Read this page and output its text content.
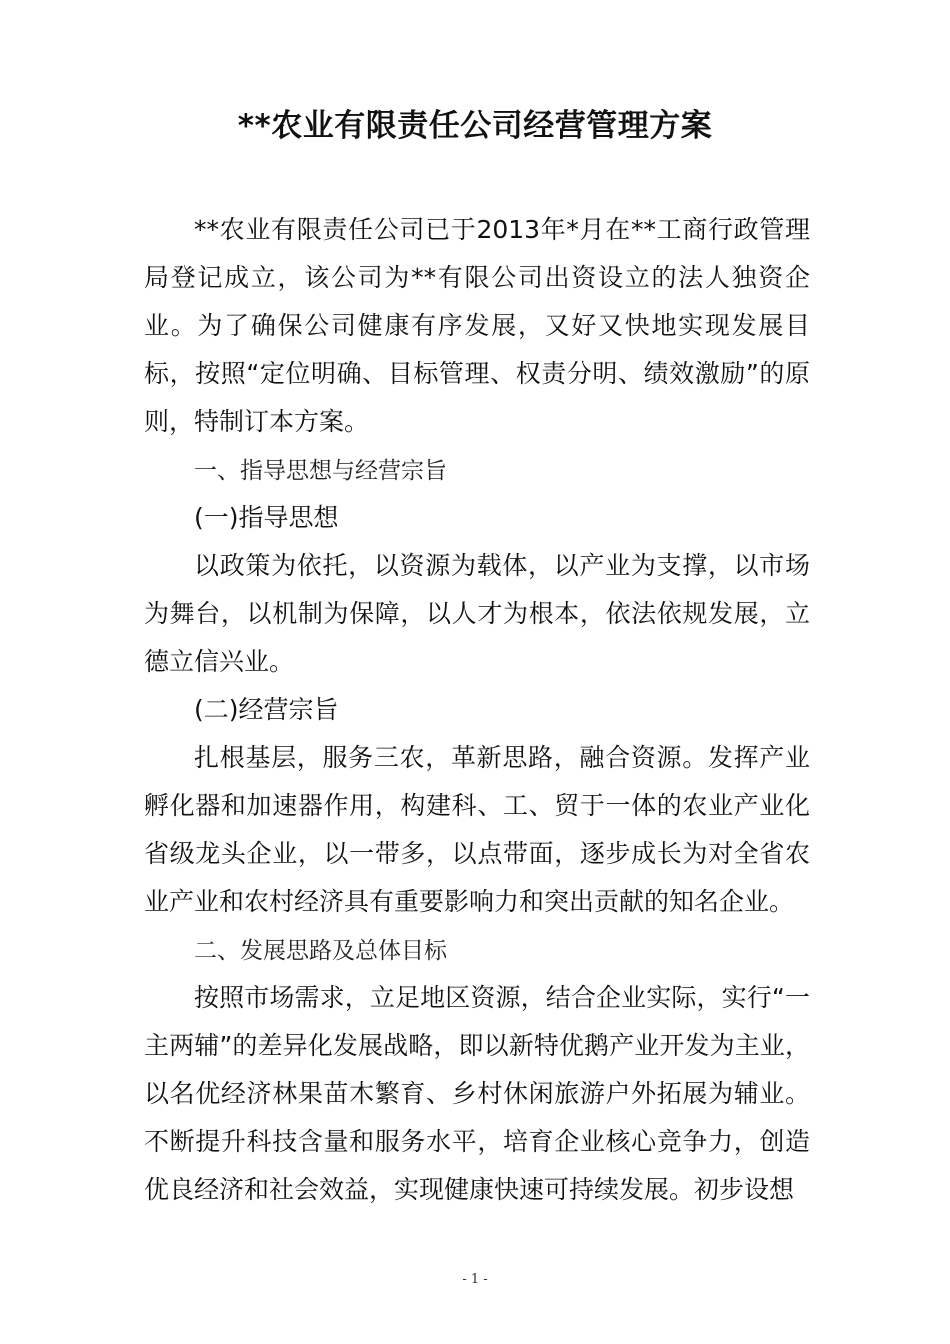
**农业有限责任公司经营管理方案

**农业有限责任公司已于2013年*月在**工商行政管理局登记成立，该公司为**有限公司出资设立的法人独资企业。为了确保公司健康有序发展，又好又快地实现发展目标，按照“定位明确、目标管理、权责分明、绩效激励”的原则，特制订本方案。

一、指导思想与经营宗旨

(一)指导思想

以政策为依托，以资源为载体，以产业为支撑，以市场为舞台，以机制为保障，以人才为根本，依法依规发展，立德立信兴业。

(二)经营宗旨

扎根基层，服务三农，革新思路，融合资源。发挥产业孵化器和加速器作用，构建科、工、贸于一体的农业产业化省级龙头企业，以一带多，以点带面，逐步成长为对全省农业产业和农村经济具有重要影响力和突出贡献的知名企业。

二、发展思路及总体目标

按照市场需求，立足地区资源，结合企业实际，实行“一主两辅”的差异化发展战略，即以新特优鹅产业开发为主业，以名优经济林果苗木繁育、乡村休闲旅游户外拓展为辅业。不断提升科技含量和服务水平，培育企业核心竞争力，创造优良经济和社会效益，实现健康快速可持续发展。初步设想

- 1 -
